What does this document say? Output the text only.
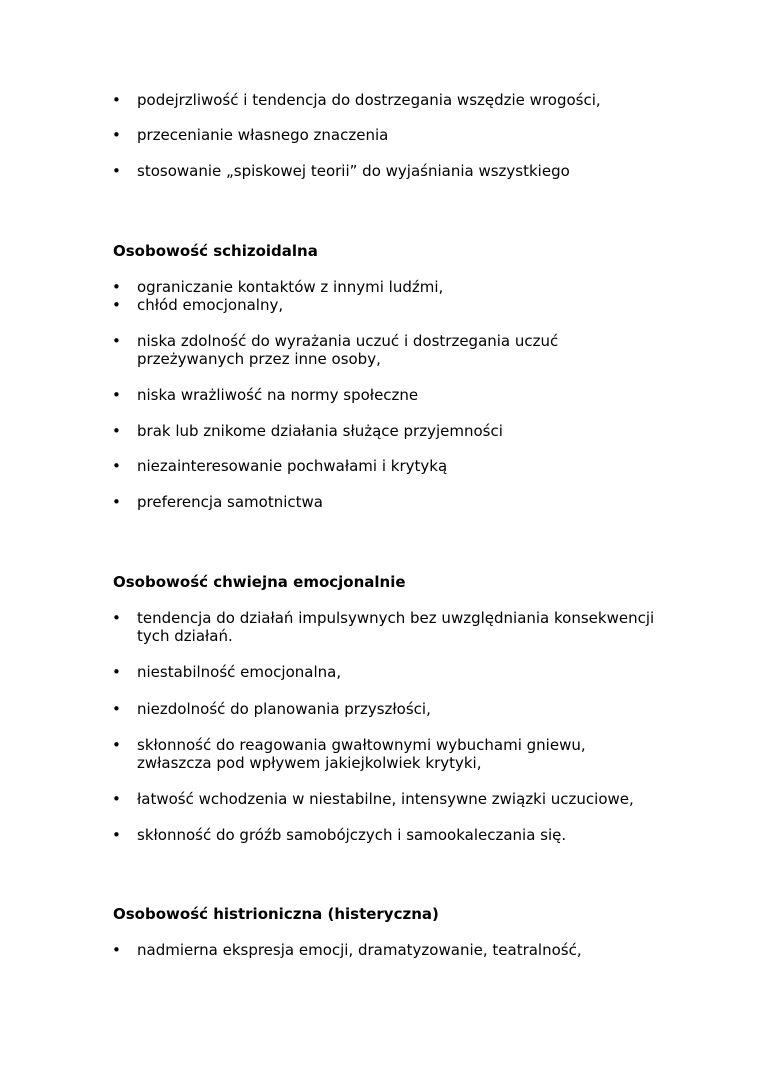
• podejrzliwość i tendencja do dostrzegania wszędzie wrogości,
• przecenianie własnego znaczenia
• stosowanie „spiskowej teorii” do wyjaśniania wszystkiego
Osobowość schizoidalna
• ograniczanie kontaktów z innymi ludźmi,
• chłód emocjonalny,
• niska zdolność do wyrażania uczuć i dostrzegania uczuć przeżywanych przez inne osoby,
• niska wrażliwość na normy społeczne
• brak lub znikome działania służące przyjemności
• niezainteresowanie pochwałami i krytyką
• preferencja samotnictwa
Osobowość chwiejna emocjonalnie
• tendencja do działań impulsywnych bez uwzględniania konsekwencji tych działań.
• niestabilność emocjonalna,
• niezdolność do planowania przyszłości,
• skłonność do reagowania gwałtownymi wybuchami gniewu, zwłaszcza pod wpływem jakiejkolwiek krytyki,
• łatwość wchodzenia w niestabilne, intensywne związki uczuciowe,
• skłonność do gróźb samobójczych i samookaleczania się.
Osobowość histrioniczna (histeryczna)
• nadmierna ekspresja emocji, dramatyzowanie, teatralność,
